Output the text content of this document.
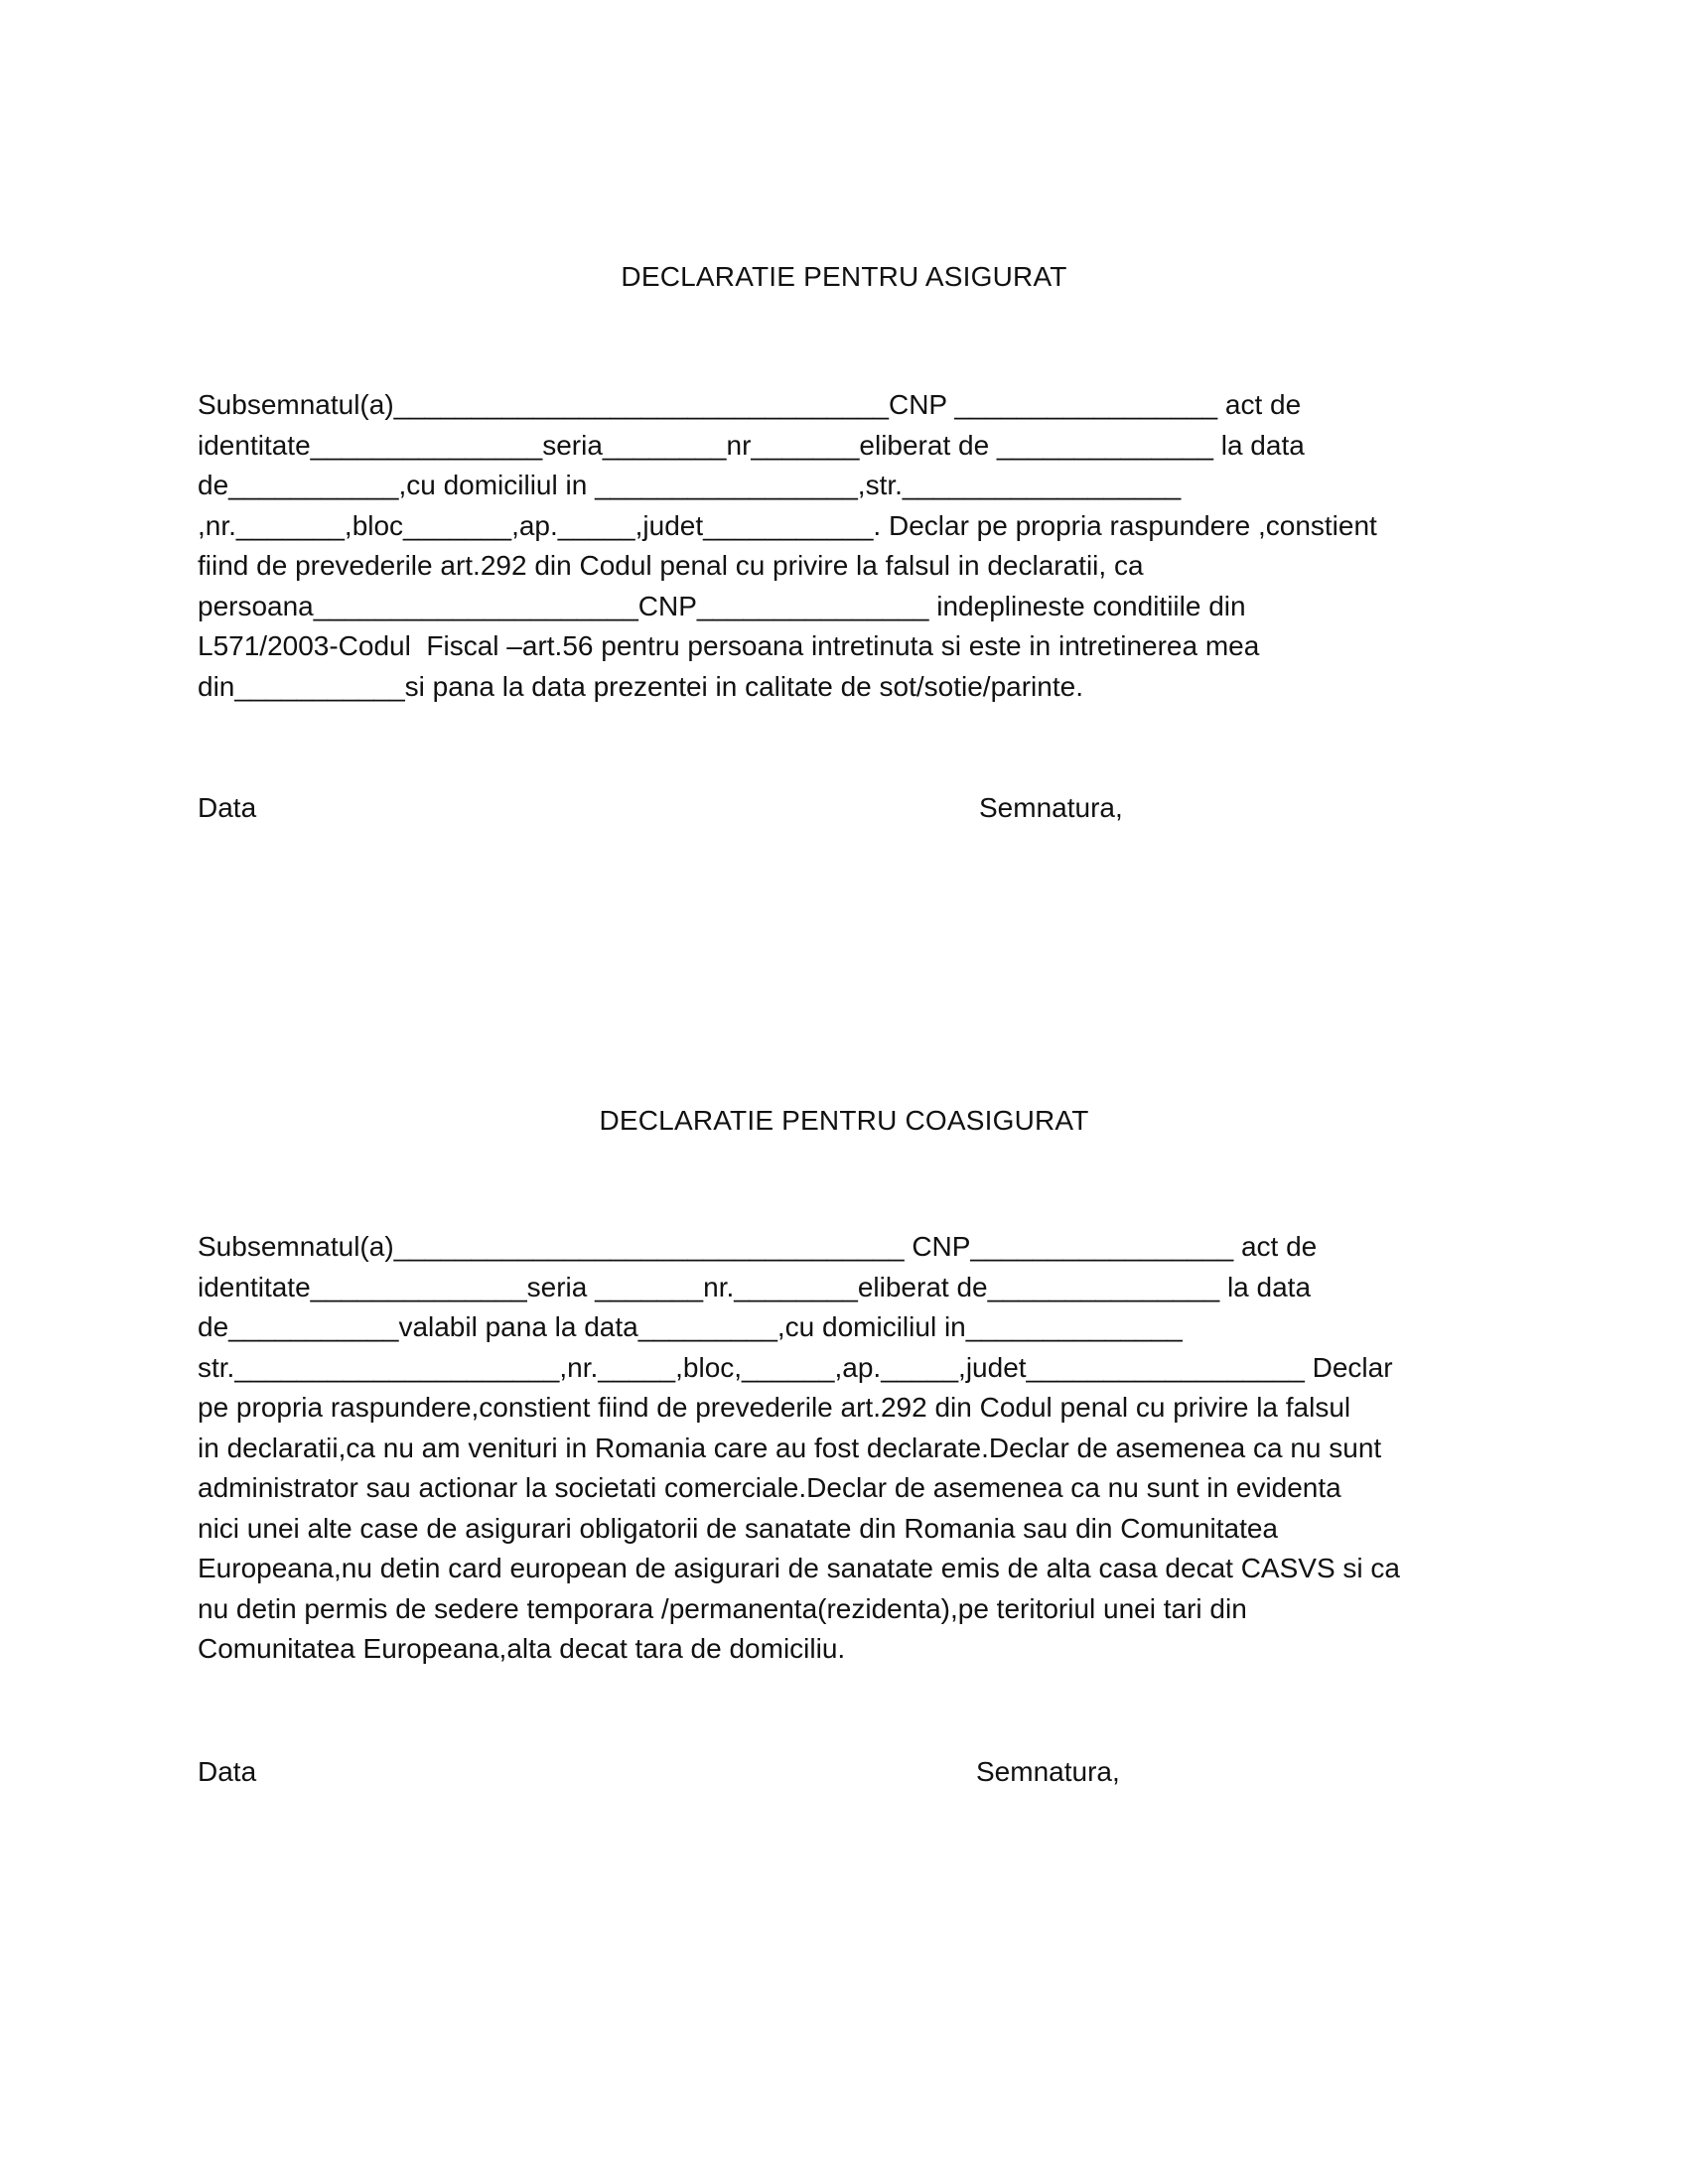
DECLARATIE PENTRU ASIGURAT
Subsemnatul(a)________________________________CNP _________________ act de
identitate_______________seria________nr_______eliberat de ______________ la data
de___________,cu domiciliul in _________________,str.__________________
,nr._______,bloc_______,ap._____,judet___________. Declar pe propria raspundere ,constient
fiind de prevederile art.292 din Codul penal cu privire la falsul in declaratii, ca
persoana_____________________CNP_______________ indeplineste conditiile din
L571/2003-Codul  Fiscal –art.56 pentru persoana intretinuta si este in intretinerea mea
din___________si pana la data prezentei in calitate de sot/sotie/parinte.
Data	Semnatura,
DECLARATIE PENTRU COASIGURAT
Subsemnatul(a)_________________________________ CNP_________________ act de
identitate______________seria _______nr.________eliberat de_______________ la data
de___________valabil pana la data_________,cu domiciliul in______________
str._____________________,nr._____,bloc,______,ap._____,judet__________________ Declar
pe propria raspundere,constient fiind de prevederile art.292 din Codul penal cu privire la falsul
in declaratii,ca nu am venituri in Romania care au fost declarate.Declar de asemenea ca nu sunt
administrator sau actionar la societati comerciale.Declar de asemenea ca nu sunt in evidenta
nici unei alte case de asigurari obligatorii de sanatate din Romania sau din Comunitatea
Europeana,nu detin card european de asigurari de sanatate emis de alta casa decat CASVS si ca
nu detin permis de sedere temporara /permanenta(rezidenta),pe teritoriul unei tari din
Comunitatea Europeana,alta decat tara de domiciliu.
Data	Semnatura,
